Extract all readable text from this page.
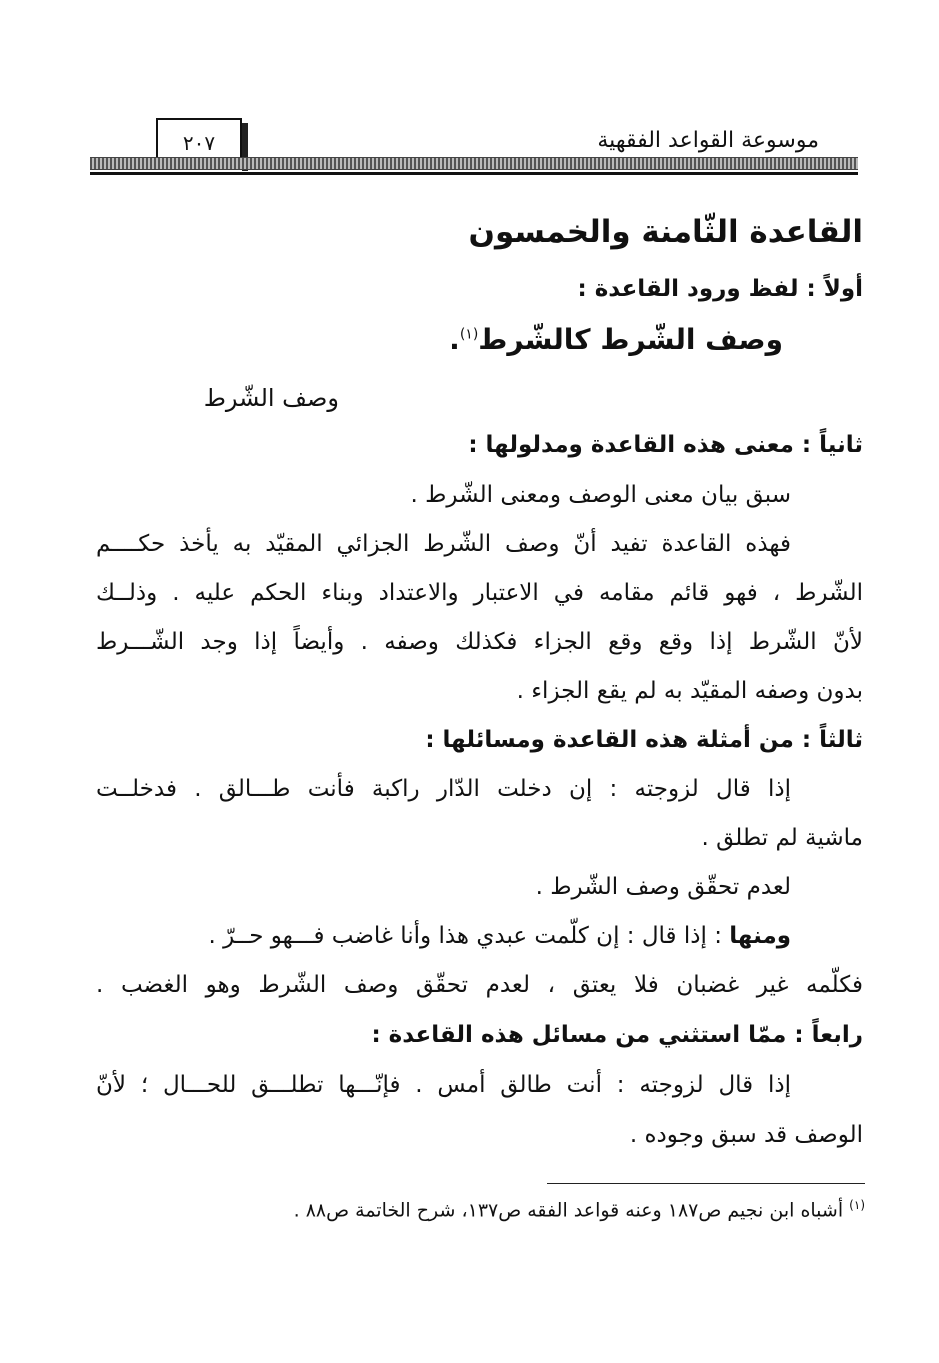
موسوعة القواعد الفقهية
٢٠٧
القاعدة الثّامنة والخمسون
أولاً : لفظ ورود القاعدة :
وصف الشّرط كالشّرط$^{(١)}$.
وصف الشّرط
ثانياً : معنى هذه القاعدة ومدلولها :
سبق بيان معنى الوصف ومعنى الشّرط .
فهذه القاعدة تفيد أنّ وصف الشّرط الجزائي المقيّد به يأخذ حكــــم
الشّرط ، فهو قائم مقامه في الاعتبار والاعتداد وبناء الحكم عليه . وذلــك
لأنّ الشّرط إذا وقع وقع الجزاء فكذلك وصفه . وأيضاً إذا وجد الشّـــرط
بدون وصفه المقيّد به لم يقع الجزاء .
ثالثاً : من أمثلة هذه القاعدة ومسائلها :
إذا قال لزوجته : إن دخلت الدّار راكبة فأنت طـــالق . فدخلــت
ماشية لم تطلق .
لعدم تحقّق وصف الشّرط .
ومنها : إذا قال : إن كلّمت عبدي هذا وأنا غاضب فـــهو حــرّ .
فكلّمه غير غضبان فلا يعتق ، لعدم تحقّق وصف الشّرط وهو الغضب .
رابعاً : ممّا استثني من مسائل هذه القاعدة :
إذا قال لزوجته : أنت طالق أمس . فإنّـــها تطلـــق للحـــال ؛ لأنّ
الوصف قد سبق وجوده .
$^{(١)}$ أشباه ابن نجيم ص١٨٧ وعنه قواعد الفقه ص١٣٧، شرح الخاتمة ص٨٨ .
